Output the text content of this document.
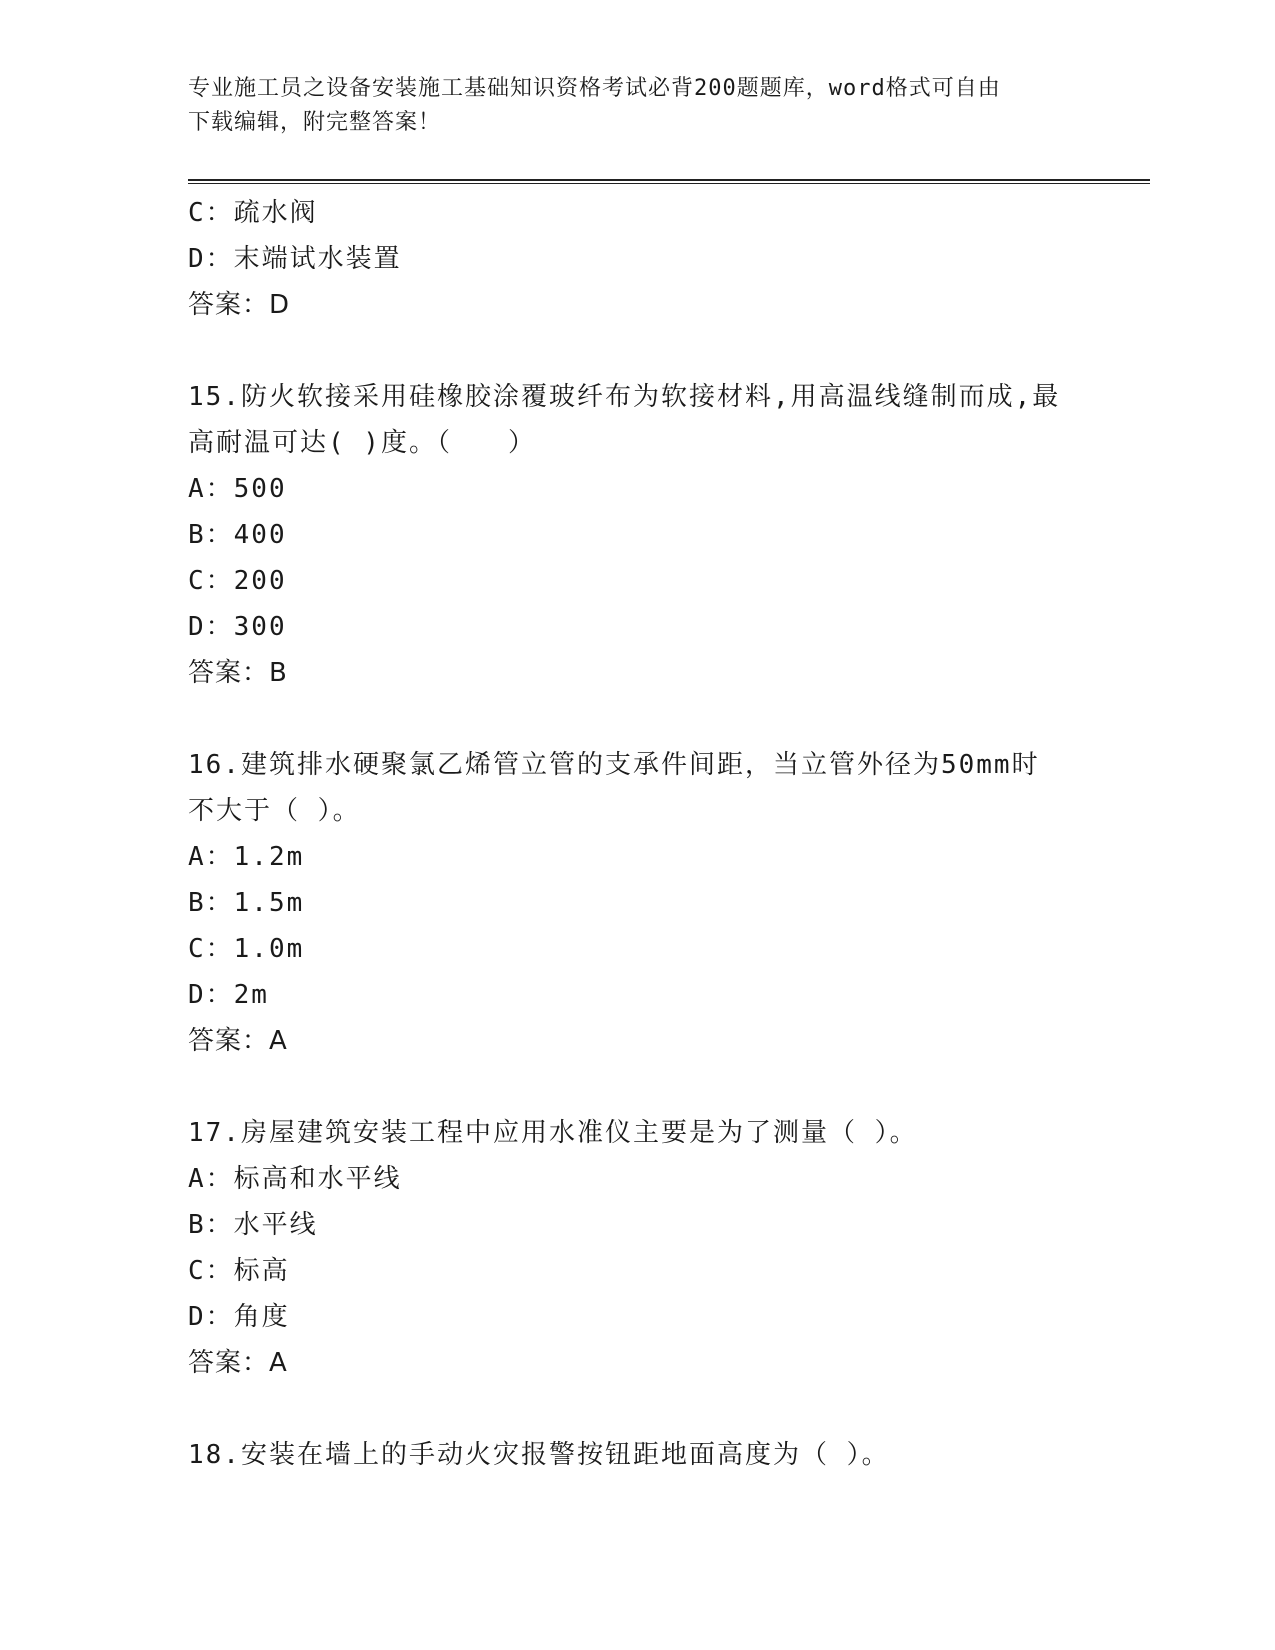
专业施工员之设备安装施工基础知识资格考试必背200题题库，word格式可自由
下载编辑，附完整答案！
C：疏水阀
D：末端试水装置
答案：D
15.防火软接采用硅橡胶涂覆玻纤布为软接材料,用高温线缝制而成,最
高耐温可达( )度。（　　）
A：500
B：400
C：200
D：300
答案：B
16.建筑排水硬聚氯乙烯管立管的支承件间距，当立管外径为50mm时
不大于（ ）。
A：1.2m
B：1.5m
C：1.0m
D：2m
答案：A
17.房屋建筑安装工程中应用水准仪主要是为了测量（ ）。
A：标高和水平线
B：水平线
C：标高
D：角度
答案：A
18.安装在墙上的手动火灾报警按钮距地面高度为（ ）。
